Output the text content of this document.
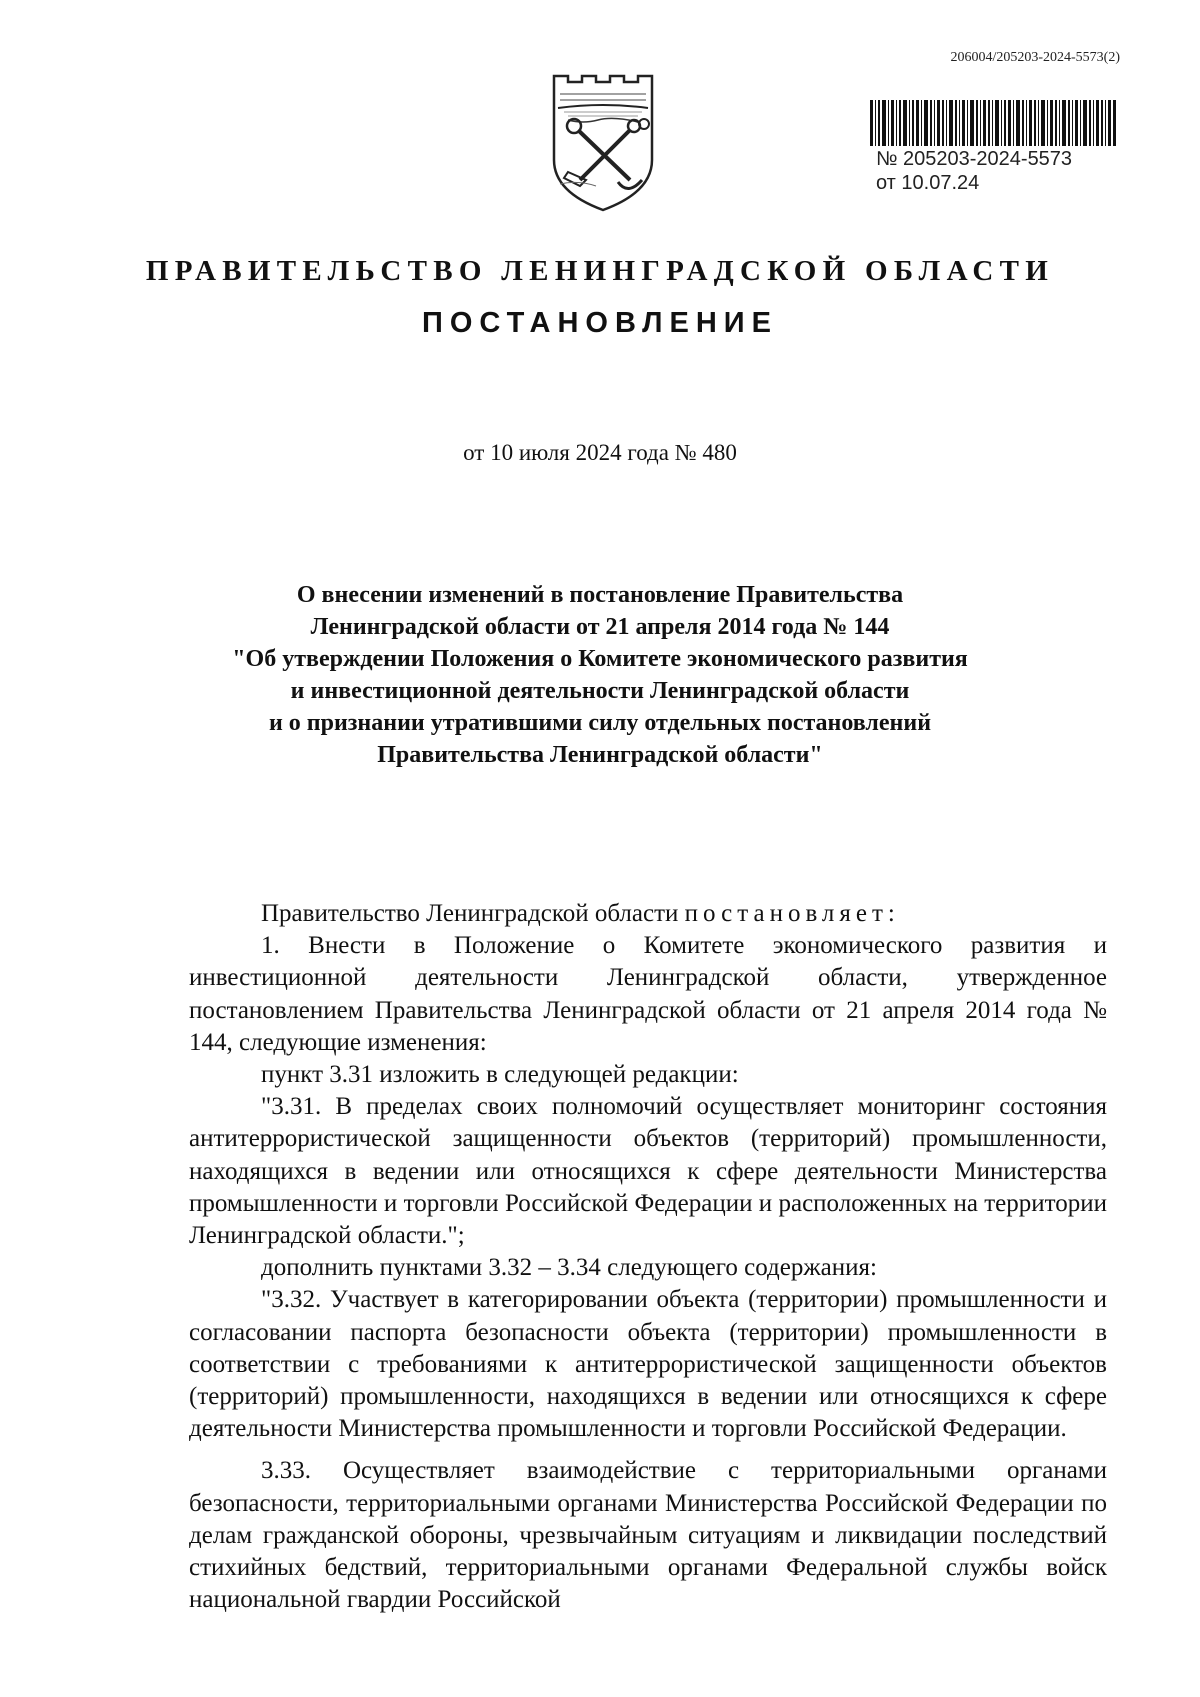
206004/205203-2024-5573(2)
№ 205203-2024-5573
от 10.07.24
ПРАВИТЕЛЬСТВО ЛЕНИНГРАДСКОЙ ОБЛАСТИ
ПОСТАНОВЛЕНИЕ
от 10 июля 2024 года № 480
О внесении изменений в постановление Правительства
Ленинградской области от 21 апреля 2014 года № 144
"Об утверждении Положения о Комитете экономического развития
и инвестиционной деятельности Ленинградской области
и о признании утратившими силу отдельных постановлений
Правительства Ленинградской области"

Правительство Ленинградской области постановляет:

1. Внести в Положение о Комитете экономического развития и инвестиционной деятельности Ленинградской области, утвержденное постановлением Правительства Ленинградской области от 21 апреля 2014 года № 144, следующие изменения:

пункт 3.31 изложить в следующей редакции:

"3.31. В пределах своих полномочий осуществляет мониторинг состояния антитеррористической защищенности объектов (территорий) промышленности, находящихся в ведении или относящихся к сфере деятельности Министерства промышленности и торговли Российской Федерации и расположенных на территории Ленинградской области.";

дополнить пунктами 3.32 – 3.34 следующего содержания:

"3.32. Участвует в категорировании объекта (территории) промышленности и согласовании паспорта безопасности объекта (территории) промышленности в соответствии с требованиями к антитеррористической защищенности объектов (территорий) промышленности, находящихся в ведении или относящихся к сфере деятельности Министерства промышленности и торговли Российской Федерации.

3.33. Осуществляет взаимодействие с территориальными органами безопасности, территориальными органами Министерства Российской Федерации по делам гражданской обороны, чрезвычайным ситуациям и ликвидации последствий стихийных бедствий, территориальными органами Федеральной службы войск национальной гвардии Российской
